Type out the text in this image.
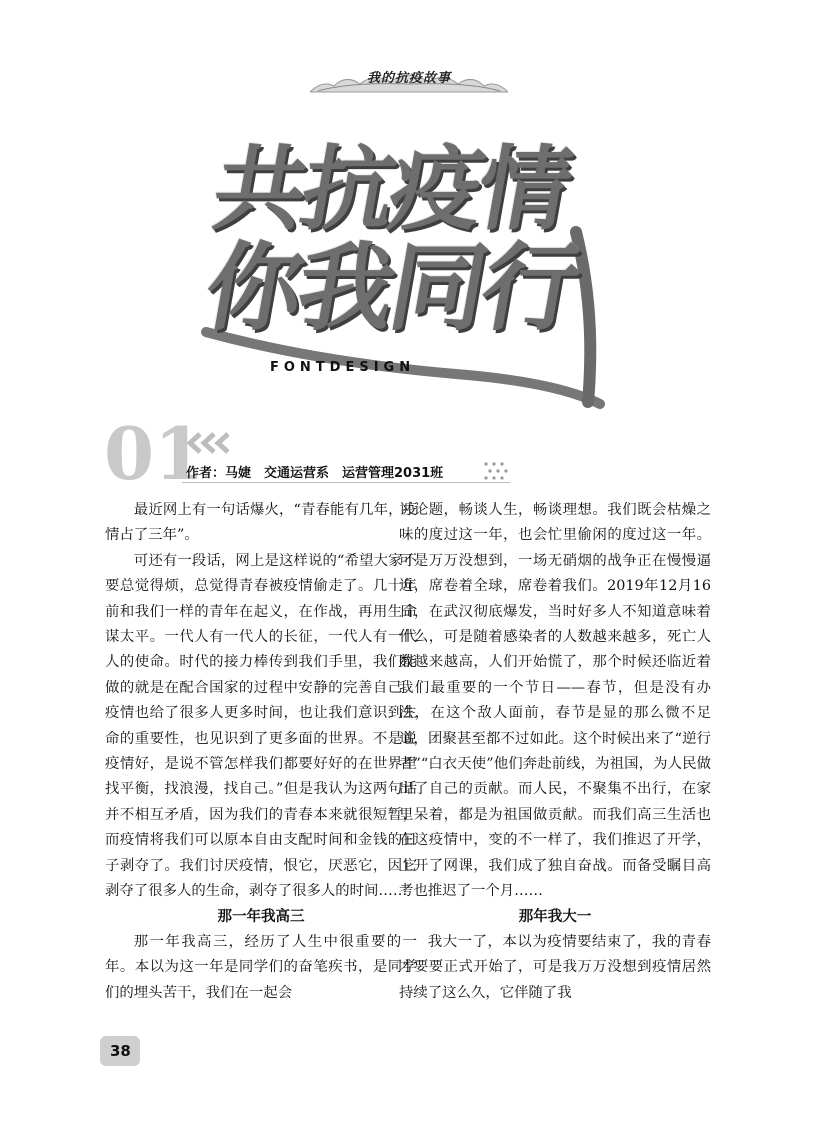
我的抗疫故事
共抗疫情
你我同行
FONTDESIGN
01
作者：马婕　交通运营系　运营管理2031班

最近网上有一句话爆火，“青春能有几年，疫情占了三年”。

可还有一段话，网上是这样说的“希望大家不要总觉得烦，总觉得青春被疫情偷走了。几十年前和我们一样的青年在起义，在作战，再用生命谋太平。一代人有一代人的长征，一代人有一代人的使命。时代的接力棒传到我们手里，我们能做的就是在配合国家的过程中安静的完善自己。疫情也给了很多人更多时间，也让我们意识到生命的重要性，也见识到了更多面的世界。不是说疫情好，是说不管怎样我们都要好好的在世界里找平衡，找浪漫，找自己。”但是我认为这两句话并不相互矛盾，因为我们的青春本来就很短暂，而疫情将我们可以原本自由支配时间和金钱的日子剥夺了。我们讨厌疫情，恨它，厌恶它，因它剥夺了很多人的生命，剥夺了很多人的时间……

那一年我高三

那一年我高三，经历了人生中很重要的一年。本以为这一年是同学们的奋笔疾书，是同学们的埋头苦干，我们在一起会

讨论题，畅谈人生，畅谈理想。我们既会枯燥之味的度过这一年，也会忙里偷闲的度过这一年。可是万万没想到，一场无硝烟的战争正在慢慢逼近，席卷着全球，席卷着我们。2019年12月16日，在武汉彻底爆发，当时好多人不知道意味着什么，可是随着感染者的人数越来越多，死亡人数越来越高，人们开始慌了，那个时候还临近着我们最重要的一个节日——春节，但是没有办法，在这个敌人面前，春节是显的那么微不足道，团聚甚至都不过如此。这个时候出来了“逆行者”“白衣天使”他们奔赴前线，为祖国，为人民做出了自己的贡献。而人民，不聚集不出行，在家里呆着，都是为祖国做贡献。而我们高三生活也在这疫情中，变的不一样了，我们推迟了开学，上开了网课，我们成了独自奋战。而备受瞩目高考也推迟了一个月……

那年我大一

我大一了，本以为疫情要结束了，我的青春才要要正式开始了，可是我万万没想到疫情居然持续了这么久，它伴随了我

38
